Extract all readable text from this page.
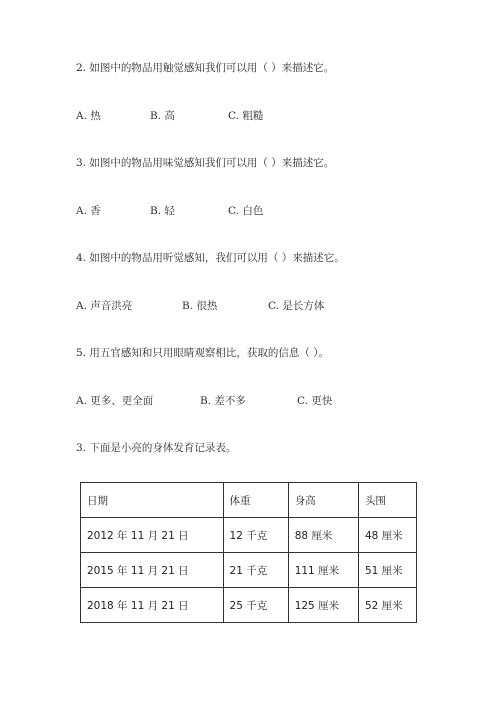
2. 如图中的物品用触觉感知我们可以用（ ）来描述它。
A. 热	B. 高	C. 粗糙
3. 如图中的物品用味觉感知我们可以用（ ）来描述它。
A. 香	B. 轻	C. 白色
4. 如图中的物品用听觉感知，我们可以用（ ）来描述它。
A. 声音洪亮	B. 很热	C. 是长方体
5. 用五官感知和只用眼睛观察相比，获取的信息（ ）。
A. 更多、更全面	B. 差不多	C. 更快
3. 下面是小亮的身体发育记录表。
日期	体重	身高	头围
2012 年 11 月 21 日	12 千克	88 厘米	48 厘米
2015 年 11 月 21 日	21 千克	111 厘米	51 厘米
2018 年 11 月 21 日	25 千克	125 厘米	52 厘米
